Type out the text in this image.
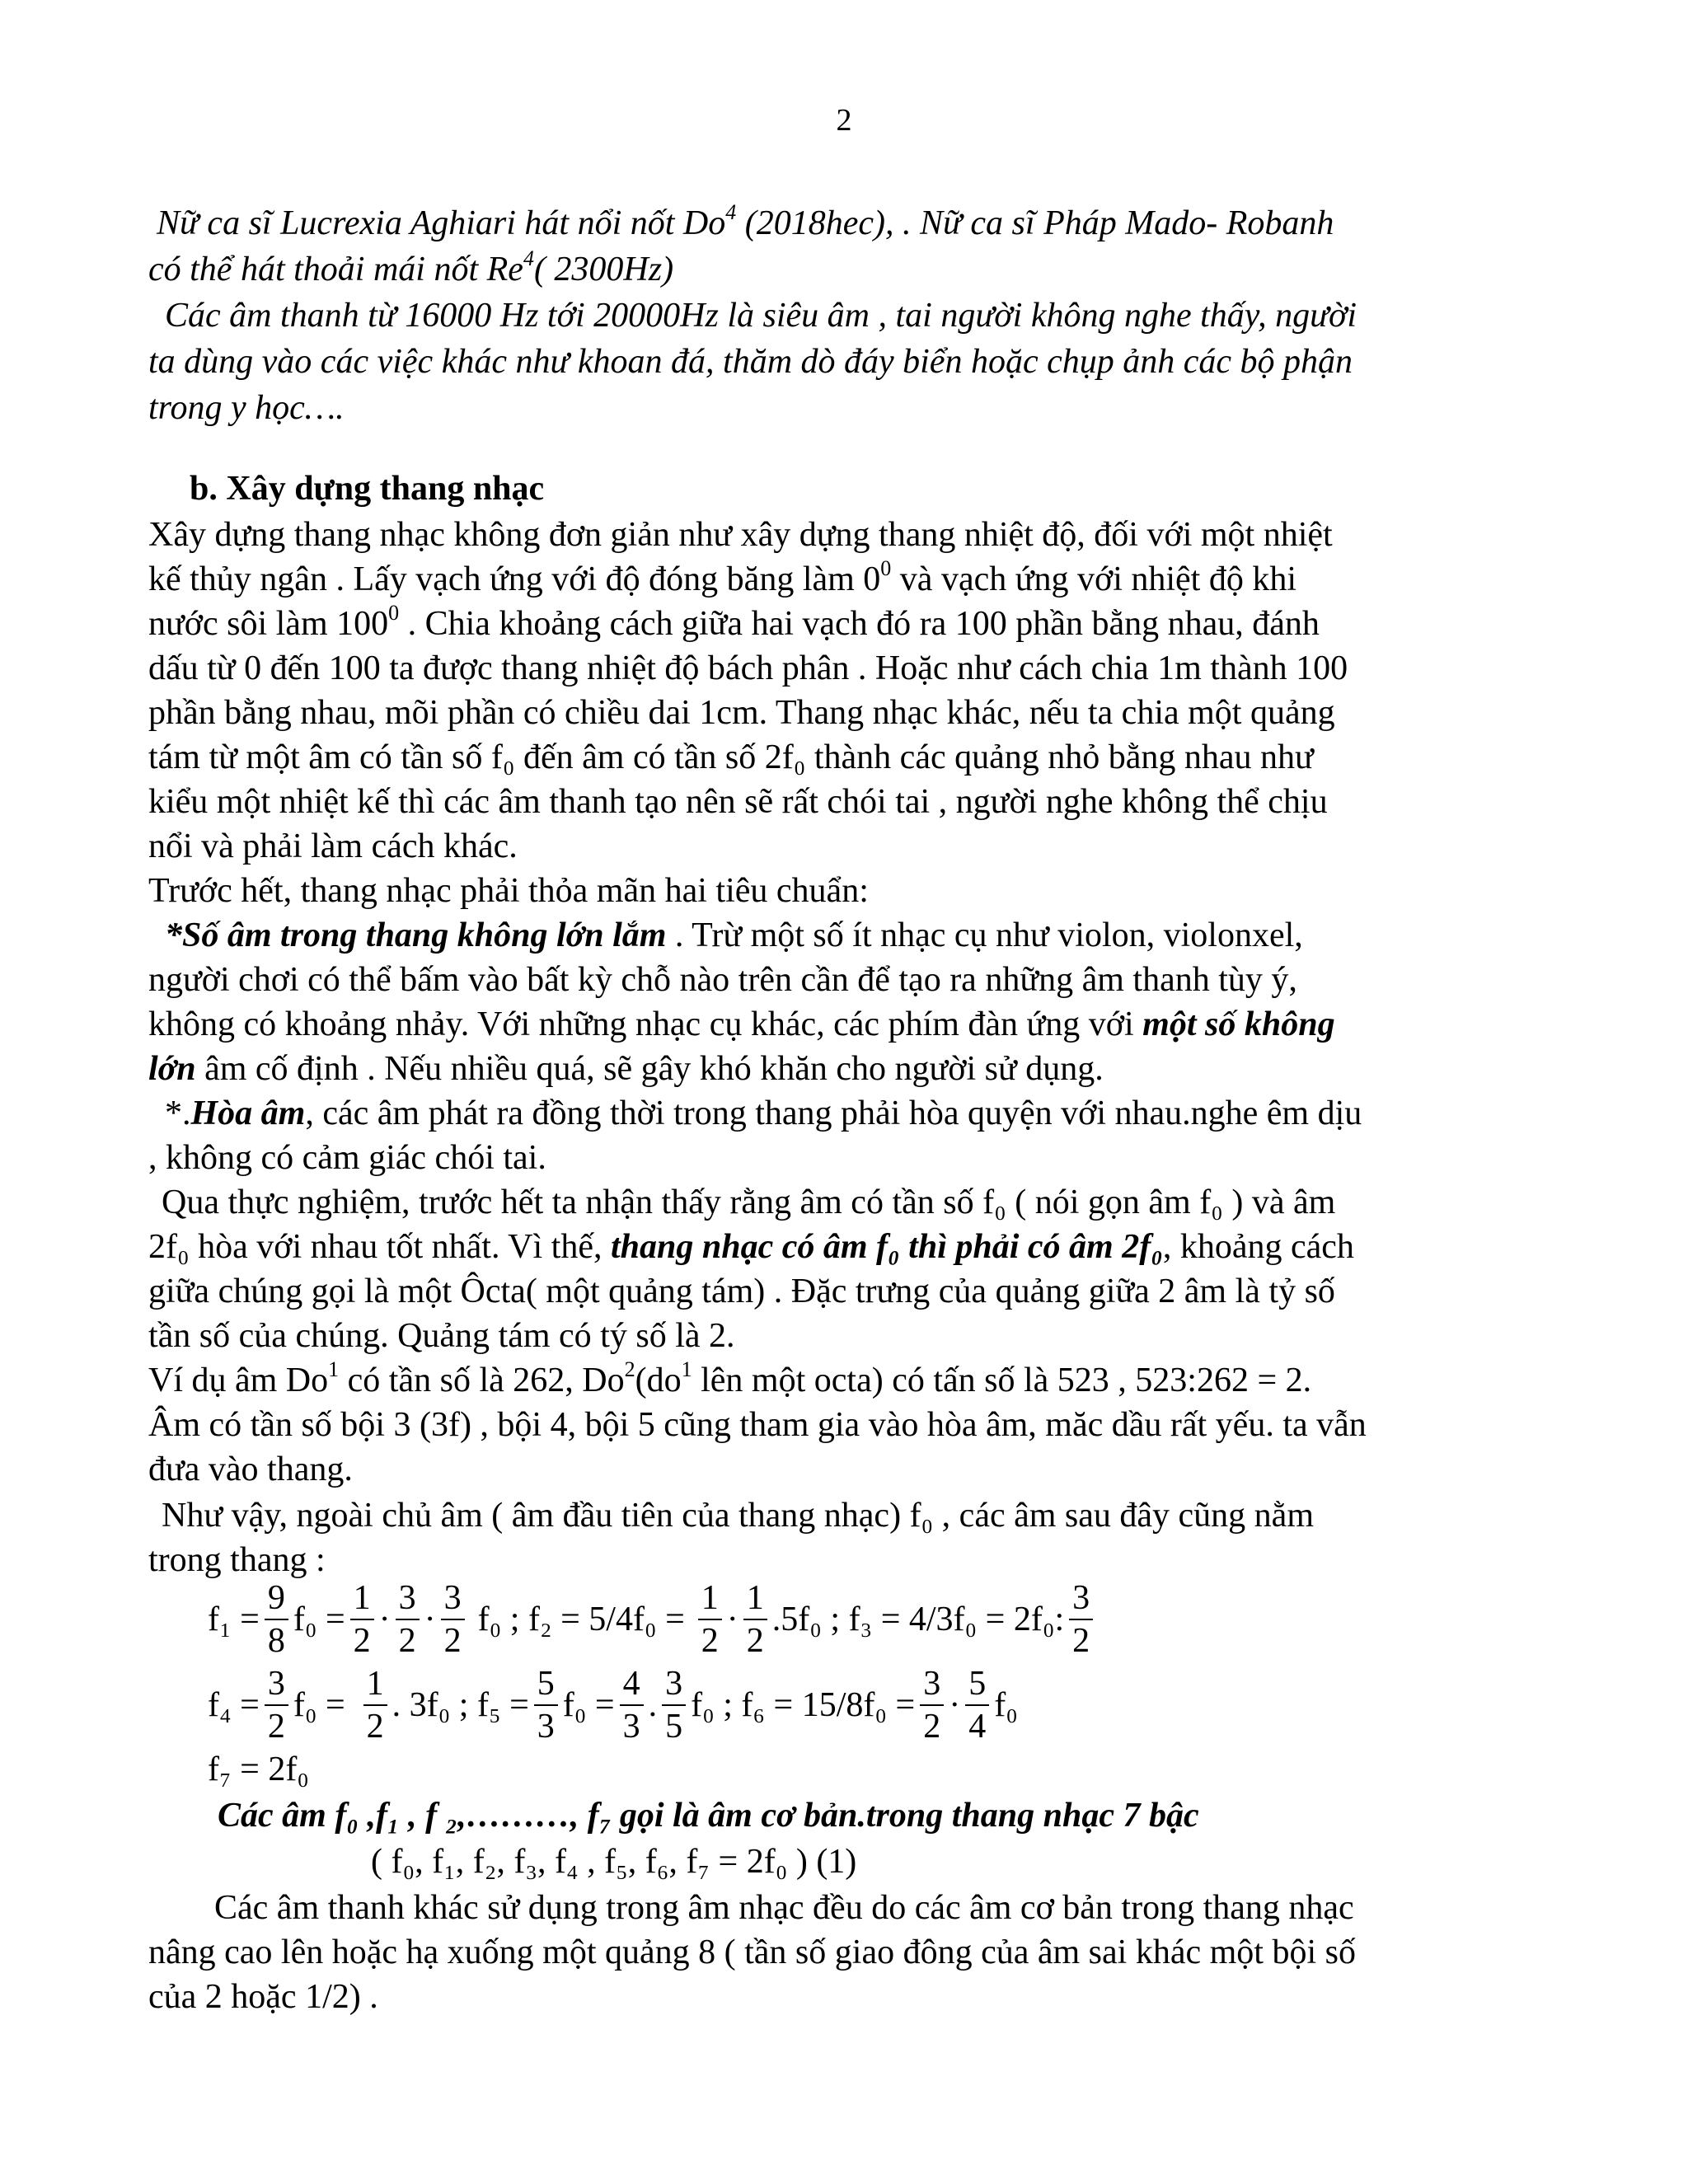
2
Nữ ca sĩ Lucrexia Aghiari hát nổi nốt Do$^4$ (2018hec), . Nữ ca sĩ Pháp Mado- Robanh
có thể hát thoải mái nốt Re$^4$( 2300Hz)
Các âm thanh từ 16000 Hz tới 20000Hz là siêu âm , tai người không nghe thấy, người
ta dùng vào các việc khác như khoan đá, thăm dò đáy biển hoặc chụp ảnh các bộ phận
trong y học….
b. Xây dựng thang nhạc
Xây dựng thang nhạc không đơn giản như xây dựng thang nhiệt độ, đối với một nhiệt
kế thủy ngân . Lấy vạch ứng với độ đóng băng làm $0^0$ và vạch ứng với nhiệt độ khi
nước sôi làm $100^0$ . Chia khoảng cách giữa hai vạch đó ra 100 phần bằng nhau, đánh
dấu từ 0 đến 100 ta được thang nhiệt độ bách phân . Hoặc như cách chia 1m thành 100
phần bằng nhau, mõi phần có chiều dai 1cm. Thang nhạc khác, nếu ta chia một quảng
tám từ một âm có tần số f₀ đến âm có tần số 2f₀ thành các quảng nhỏ bằng nhau như
kiểu một nhiệt kế thì các âm thanh tạo nên sẽ rất chói tai , người nghe không thể chịu
nổi và phải làm cách khác.
Trước hết, thang nhạc phải thỏa mãn hai tiêu chuẩn:
*Số âm trong thang không lớn lắm . Trừ một số ít nhạc cụ như violon, violonxel,
người chơi có thể bấm vào bất kỳ chỗ nào trên cần để tạo ra những âm thanh tùy ý,
không có khoảng nhảy. Với những nhạc cụ khác, các phím đàn ứng với một số không
lớn âm cố định . Nếu nhiều quá, sẽ gây khó khăn cho người sử dụng.
*.Hòa âm, các âm phát ra đồng thời trong thang phải hòa quyện với nhau.nghe êm dịu
, không có cảm giác chói tai.
Qua thực nghiệm, trước hết ta nhận thấy rằng âm có tần số f₀ ( nói gọn âm f₀ ) và âm
2f₀ hòa với nhau tốt nhất. Vì thế, thang nhạc có âm f₀ thì phải có âm 2f₀, khoảng cách
giữa chúng gọi là một Ôcta( một quảng tám) . Đặc trưng của quảng giữa 2 âm là tỷ số
tần số của chúng. Quảng tám có tý số là 2.
Ví dụ âm Do$^1$ có tần số là 262, $Do^2(do^1$ lên một octa) có tấn số là 523 , 523:262 = 2.
Âm có tần số bội 3 (3f) , bội 4, bội 5 cũng tham gia vào hòa âm, măc dầu rất yếu. ta vẫn
đưa vào thang.
Như vậy, ngoài chủ âm ( âm đầu tiên của thang nhạc) f₀ , các âm sau đây cũng nằm
trong thang :
$f_1 = \frac{9}{8} f_0 = \frac{1}{2}$ ·
3
2
·
3
2
f₀ ; f₂ = 5/4f₀ =
1
2
·
1
2
.5f₀ ; f₃ = 4/3f₀ = 2f₀:
3
2
$f_4 = \frac{3}{2} f_0$ =
1
2
. 3f₀ ; $f_5 = \frac{5}{3} f_0 = \frac{4}{3}$ .
3
5
f₀ ; $f_6 = 15/8f_0 = \frac{3}{2}$ ·
5
4
f₀
f₇ = 2f₀
Các âm f₀ ,f₁ , f ₂,………, f₇ gọi là âm cơ bản.trong thang nhạc 7 bậc
( f₀, f₁, f₂, f₃, f₄ , f₅, f₆, f₇ = 2f₀ ) (1)
Các âm thanh khác sử dụng trong âm nhạc đều do các âm cơ bản trong thang nhạc
nâng cao lên hoặc hạ xuống một quảng 8 ( tần số giao đông của âm sai khác một bội số
của 2 hoặc 1/2) .
